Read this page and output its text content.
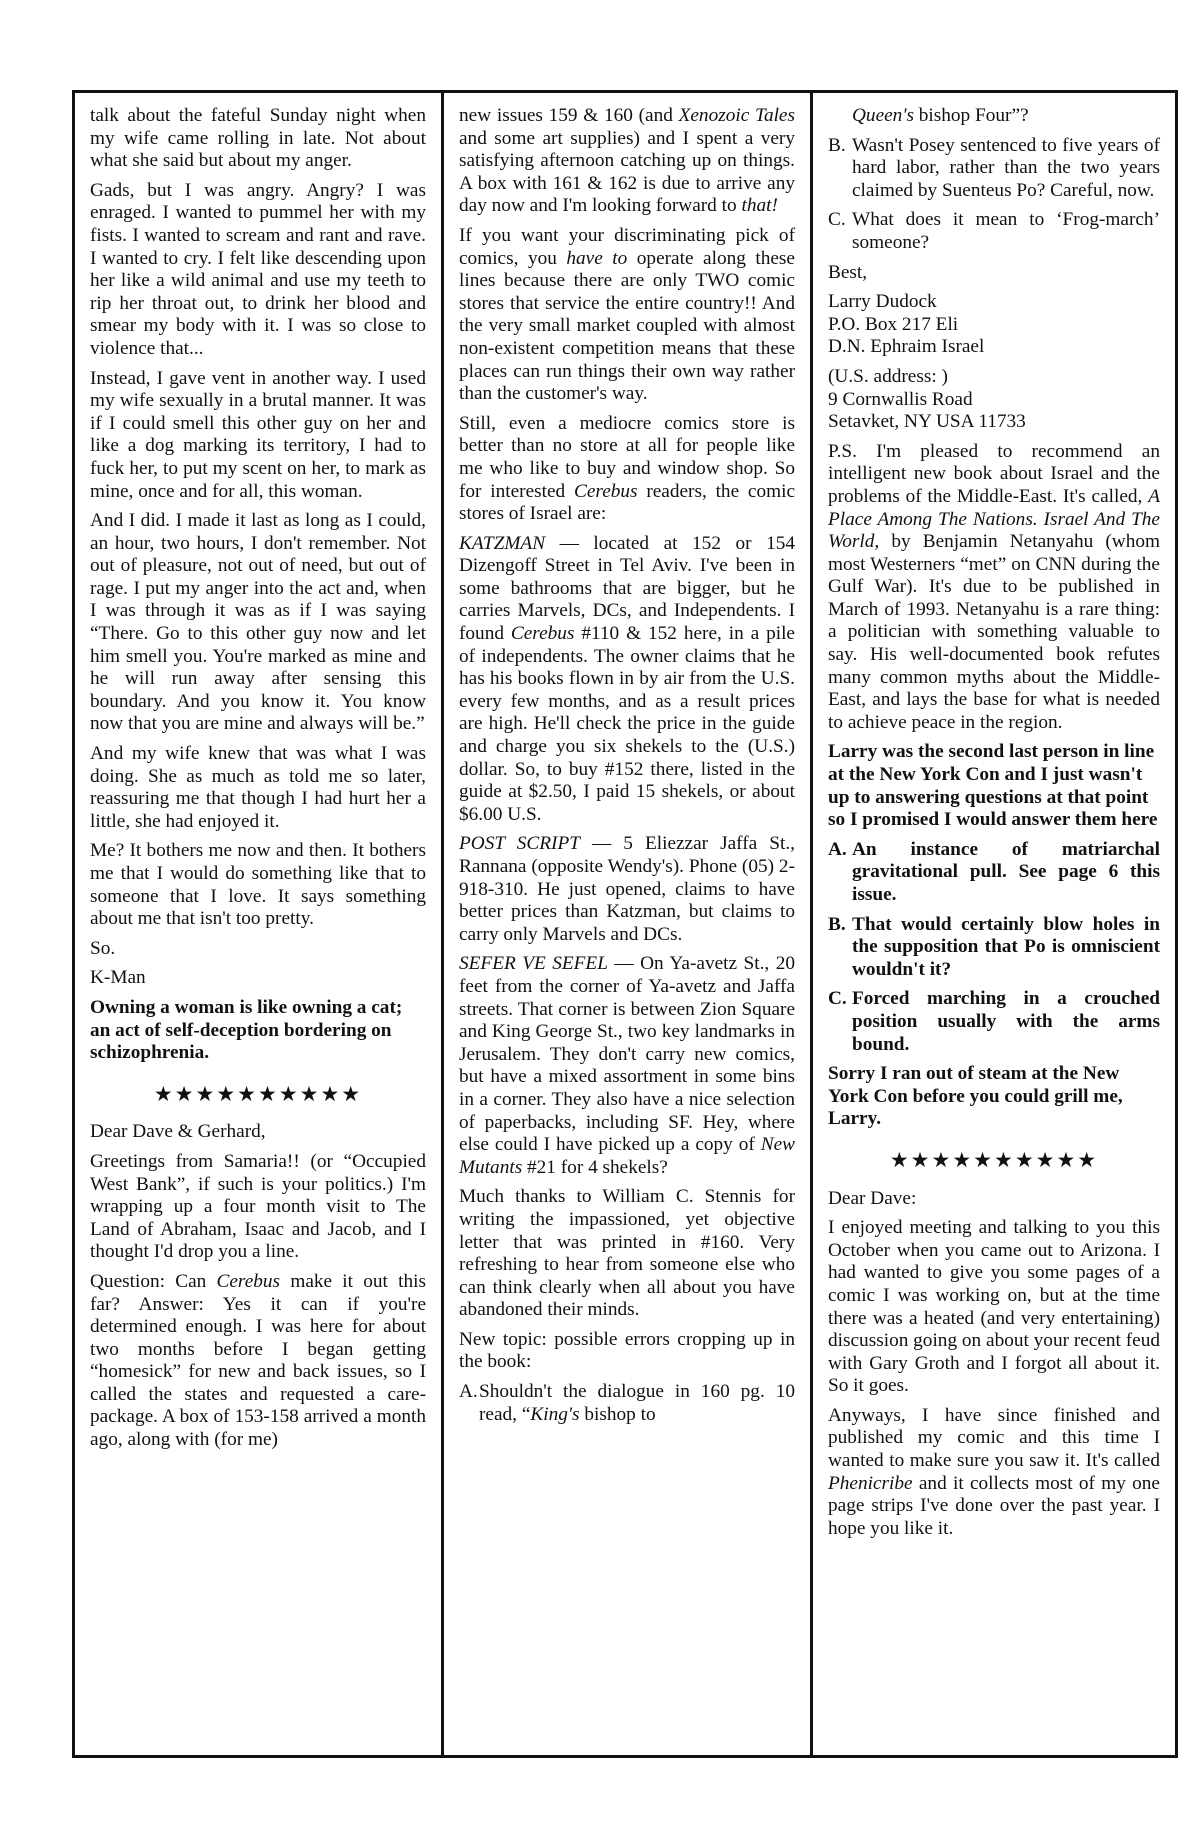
talk about the fateful Sunday night when my wife came rolling in late. Not about what she said but about my anger.

Gads, but I was angry. Angry? I was enraged. I wanted to pummel her with my fists. I wanted to scream and rant and rave. I wanted to cry. I felt like descending upon her like a wild animal and use my teeth to rip her throat out, to drink her blood and smear my body with it. I was so close to violence that...

Instead, I gave vent in another way. I used my wife sexually in a brutal manner. It was if I could smell this other guy on her and like a dog marking its territory, I had to fuck her, to put my scent on her, to mark as mine, once and for all, this woman.

And I did. I made it last as long as I could, an hour, two hours, I don't remember. Not out of pleasure, not out of need, but out of rage. I put my anger into the act and, when I was through it was as if I was saying “There. Go to this other guy now and let him smell you. You're marked as mine and he will run away after sensing this boundary. And you know it. You know now that you are mine and always will be.”

And my wife knew that was what I was doing. She as much as told me so later, reassuring me that though I had hurt her a little, she had enjoyed it.

Me? It bothers me now and then. It bothers me that I would do something like that to someone that I love. It says something about me that isn't too pretty.

So.

K-Man

Owning a woman is like owning a cat; an act of self-deception bordering on schizophrenia.

★★★★★★★★★★

Dear Dave & Gerhard,

Greetings from Samaria!! (or “Occupied West Bank”, if such is your politics.) I'm wrapping up a four month visit to The Land of Abraham, Isaac and Jacob, and I thought I'd drop you a line.

Question: Can Cerebus make it out this far? Answer: Yes it can if you're determined enough. I was here for about two months before I began getting “homesick” for new and back issues, so I called the states and requested a care-package. A box of 153-158 arrived a month ago, along with (for me)

new issues 159 & 160 (and Xenozoic Tales and some art supplies) and I spent a very satisfying afternoon catching up on things. A box with 161 & 162 is due to arrive any day now and I'm looking forward to that!

If you want your discriminating pick of comics, you have to operate along these lines because there are only TWO comic stores that service the entire country!! And the very small market coupled with almost non-existent competition means that these places can run things their own way rather than the customer's way.

Still, even a mediocre comics store is better than no store at all for people like me who like to buy and window shop. So for interested Cerebus readers, the comic stores of Israel are:

KATZMAN — located at 152 or 154 Dizengoff Street in Tel Aviv. I've been in some bathrooms that are bigger, but he carries Marvels, DCs, and Independents. I found Cerebus #110 & 152 here, in a pile of independents. The owner claims that he has his books flown in by air from the U.S. every few months, and as a result prices are high. He'll check the price in the guide and charge you six shekels to the (U.S.) dollar. So, to buy #152 there, listed in the guide at $2.50, I paid 15 shekels, or about $6.00 U.S.

POST SCRIPT — 5 Eliezzar Jaffa St., Rannana (opposite Wendy's). Phone (05) 2-918-310. He just opened, claims to have better prices than Katzman, but claims to carry only Marvels and DCs.

SEFER VE SEFEL — On Ya-avetz St., 20 feet from the corner of Ya-avetz and Jaffa streets. That corner is between Zion Square and King George St., two key landmarks in Jerusalem. They don't carry new comics, but have a mixed assortment in some bins in a corner. They also have a nice selection of paperbacks, including SF. Hey, where else could I have picked up a copy of New Mutants #21 for 4 shekels?

Much thanks to William C. Stennis for writing the impassioned, yet objective letter that was printed in #160. Very refreshing to hear from someone else who can think clearly when all about you have abandoned their minds.

New topic: possible errors cropping up in the book:

A. Shouldn't the dialogue in 160 pg. 10 read, “King's bishop to

Queen's bishop Four”?

B. Wasn't Posey sentenced to five years of hard labor, rather than the two years claimed by Suenteus Po? Careful, now.
C. What does it mean to ‘Frog-march’ someone?

Best,

Larry Dudock

P.O. Box 217 Eli

D.N. Ephraim Israel

(U.S. address: )

9 Cornwallis Road

Setavket, NY USA 11733

P.S. I'm pleased to recommend an intelligent new book about Israel and the problems of the Middle-East. It's called, A Place Among The Nations. Israel And The World, by Benjamin Netanyahu (whom most Westerners “met” on CNN during the Gulf War). It's due to be published in March of 1993. Netanyahu is a rare thing: a politician with something valuable to say. His well-documented book refutes many common myths about the Middle-East, and lays the base for what is needed to achieve peace in the region.

Larry was the second last person in line at the New York Con and I just wasn't up to answering questions at that point so I promised I would answer them here

A. An instance of matriarchal gravitational pull. See page 6 this issue.
B. That would certainly blow holes in the supposition that Po is omniscient wouldn't it?
C. Forced marching in a crouched position usually with the arms bound.

Sorry I ran out of steam at the New York Con before you could grill me, Larry.

★★★★★★★★★★

Dear Dave:

I enjoyed meeting and talking to you this October when you came out to Arizona. I had wanted to give you some pages of a comic I was working on, but at the time there was a heated (and very entertaining) discussion going on about your recent feud with Gary Groth and I forgot all about it. So it goes.

Anyways, I have since finished and published my comic and this time I wanted to make sure you saw it. It's called Phenicribe and it collects most of my one page strips I've done over the past year. I hope you like it.
